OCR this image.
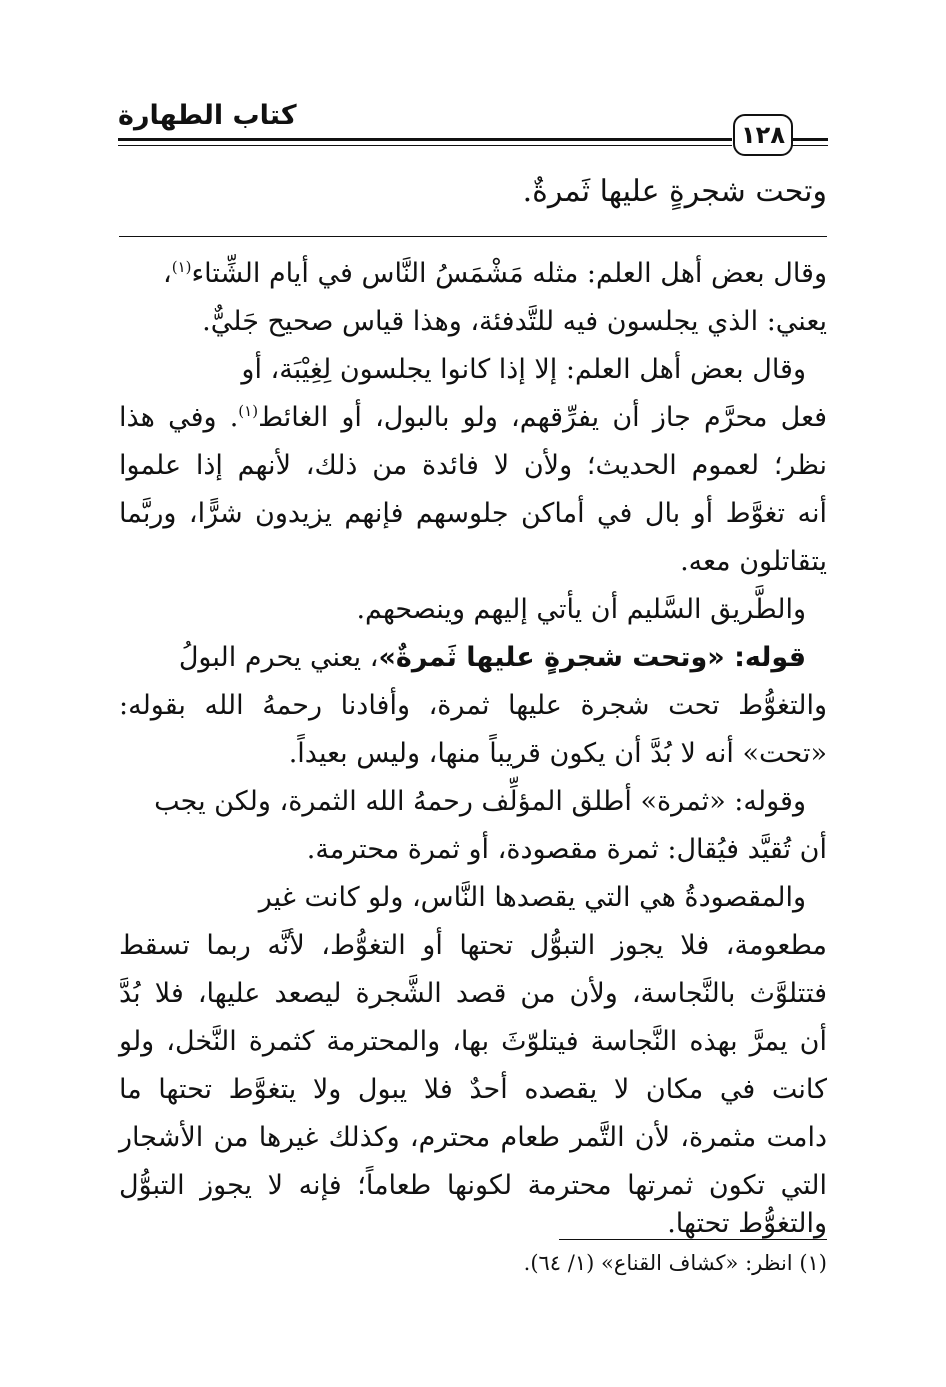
كتاب الطهارة
١٢٨
وتحت شجرةٍ عليها ثَمرةٌ.
وقال بعض أهل العلم: مثله مَشْمَسُ النَّاس في أيام الشِّتاء$^{(١)}$،
يعني: الذي يجلسون فيه للتَّدفئة، وهذا قياس صحيح جَليٌّ.
وقال بعض أهل العلم: إلا إذا كانوا يجلسون لِغِيْبَة، أو
فعل محرَّم جاز أن يفرِّقهم، ولو بالبول، أو الغائط$^{(١)}$. وفي هذا
نظر؛ لعموم الحديث؛ ولأن لا فائدة من ذلك، لأنهم إذا علموا
أنه تغوَّط أو بال في أماكن جلوسهم فإنهم يزيدون شرًّا، وربَّما
يتقاتلون معه.
والطَّريق السَّليم أن يأتي إليهم وينصحهم.
قوله: «وتحت شجرةٍ عليها ثَمرةٌ»، يعني يحرم البولُ
والتغوُّط تحت شجرة عليها ثمرة، وأفادنا رحمهُ الله بقوله:
«تحت» أنه لا بُدَّ أن يكون قريباً منها، وليس بعيداً.
وقوله: «ثمرة» أطلق المؤلِّف رحمهُ الله الثمرة، ولكن يجب
أن تُقيَّد فيُقال: ثمرة مقصودة، أو ثمرة محترمة.
والمقصودةُ هي التي يقصدها النَّاس، ولو كانت غير
مطعومة، فلا يجوز التبوُّل تحتها أو التغوُّط، لأنَّه ربما تسقط
فتتلوَّث بالنَّجاسة، ولأن من قصد الشَّجرة ليصعد عليها، فلا بُدَّ
أن يمرَّ بهذه النَّجاسة فيتلوّثَ بها، والمحترمة كثمرة النَّخل، ولو
كانت في مكان لا يقصده أحدٌ فلا يبول ولا يتغوَّط تحتها ما
دامت مثمرة، لأن التَّمر طعام محترم، وكذلك غيرها من الأشجار
التي تكون ثمرتها محترمة لكونها طعاماً؛ فإنه لا يجوز التبوُّل
والتغوُّط تحتها.
(١) انظر: «كشاف القناع» (١/ ٦٤).
